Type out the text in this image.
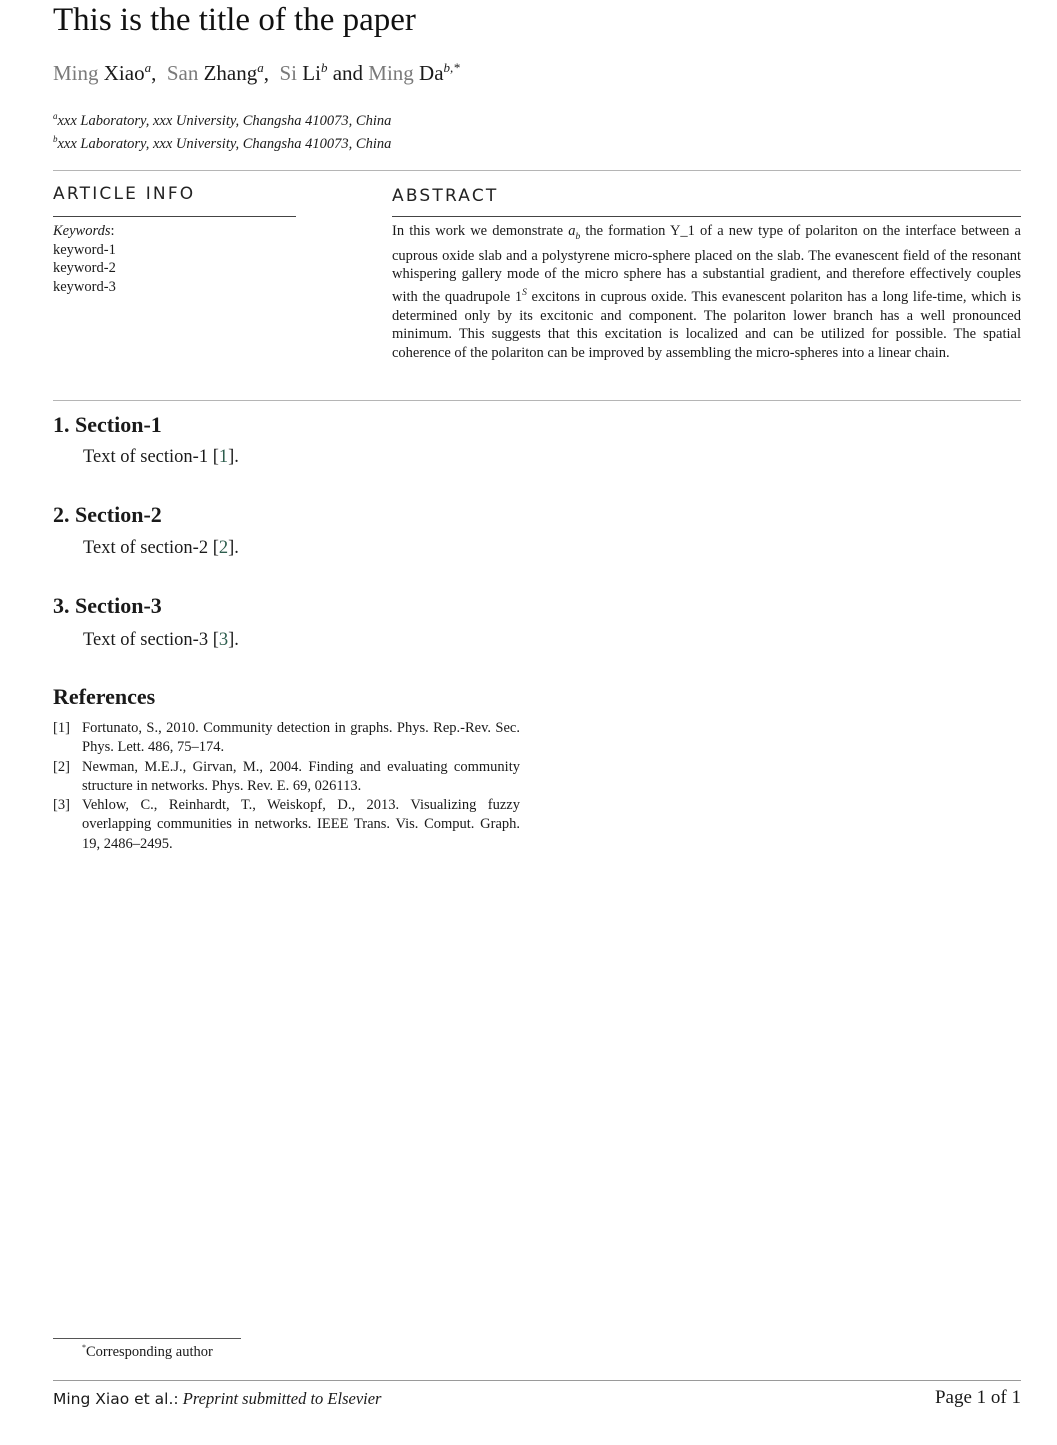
This is the title of the paper
Ming Xiao$^a$, San Zhang$^a$, Si Li$^b$ and Ming $Da^{b,*}$
$^a$xxx Laboratory, xxx University, Changsha 410073, China
$^b$xxx Laboratory, xxx University, Changsha 410073, China
ARTICLE INFO	ABSTRACT
Keywords:
keyword-1
keyword-2
keyword-3
In this work we demonstrate $a_b$ the formation Y_1 of a new type of polariton on the interface between a cuprous oxide slab and a polystyrene micro-sphere placed on the slab. The evanescent field of the resonant whispering gallery mode of the micro sphere has a substantial gradient, and therefore effectively couples with the quadrupole $1^S$ excitons in cuprous oxide. This evanescent polariton has a long life-time, which is determined only by its excitonic and component. The polariton lower branch has a well pronounced minimum. This suggests that this excitation is localized and can be utilized for possible. The spatial coherence of the polariton can be improved by assembling the micro-spheres into a linear chain.
1. Section-1
Text of section-1 [1].
2. Section-2
Text of section-2 [2].
3. Section-3
Text of section-3 [3].
References
[1] Fortunato, S., 2010. Community detection in graphs. Phys. Rep.-Rev. Sec. Phys. Lett. 486, 75–174.
[2] Newman, M.E.J., Girvan, M., 2004. Finding and evaluating community structure in networks. Phys. Rev. E. 69, 026113.
[3] Vehlow, C., Reinhardt, T., Weiskopf, D., 2013. Visualizing fuzzy overlapping communities in networks. IEEE Trans. Vis. Comput. Graph. 19, 2486–2495.
*Corresponding author
Ming Xiao et al.: Preprint submitted to Elsevier	Page 1 of 1
